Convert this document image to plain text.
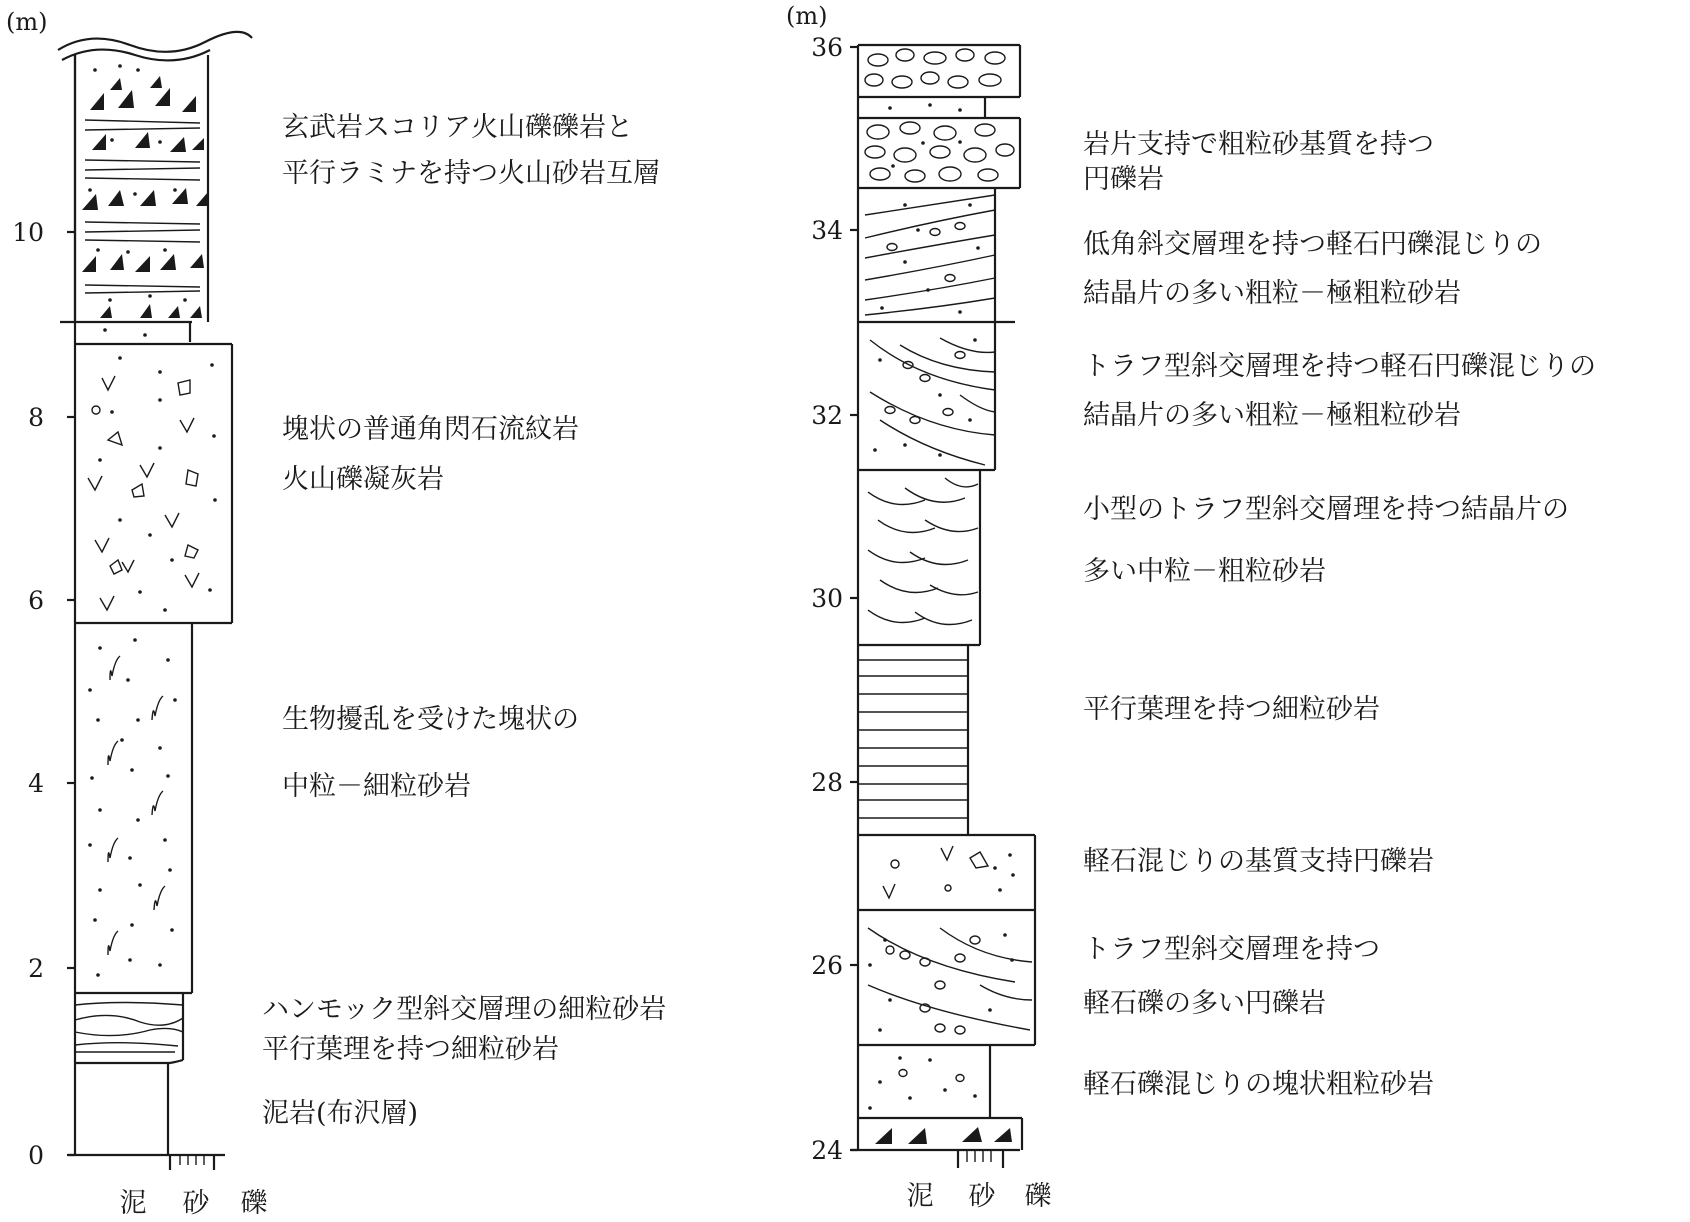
(m)
0
2
4
6
8
10
泥 砂 礫
玄武岩スコリア火山礫礫岩と
平行ラミナを持つ火山砂岩互層
塊状の普通角閃石流紋岩
火山礫凝灰岩
生物擾乱を受けた塊状の
中粒－細粒砂岩
ハンモック型斜交層理の細粒砂岩
平行葉理を持つ細粒砂岩
泥岩(布沢層)
(m)
24
26
28
30
32
34
36
泥 砂 礫
岩片支持で粗粒砂基質を持つ
円礫岩
低角斜交層理を持つ軽石円礫混じりの
結晶片の多い粗粒－極粗粒砂岩
トラフ型斜交層理を持つ軽石円礫混じりの
結晶片の多い粗粒－極粗粒砂岩
小型のトラフ型斜交層理を持つ結晶片の
多い中粒－粗粒砂岩
平行葉理を持つ細粒砂岩
軽石混じりの基質支持円礫岩
トラフ型斜交層理を持つ
軽石礫の多い円礫岩
軽石礫混じりの塊状粗粒砂岩
